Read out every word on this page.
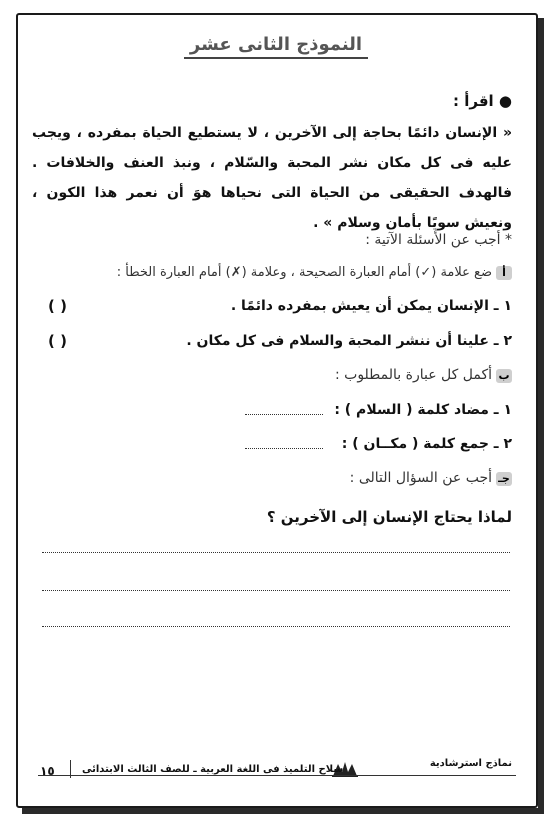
النموذج الثانى عشر
● اقرأ :
« الإنسان دائمًا بحاجة إلى الآخرين ، لا يستطيع الحياة بمفرده ، ويجب عليه فى كل مكان نشر المحبة والسّلام ، ونبذ العنف والخلافات . فالهدف الحقيقى من الحياة التى نحياها هوَ أن نعمر هذا الكون ، ونعيش سويًا بأمان وسلام » .
* أجب عن الأسئلة الآتية :
أضع علامة (✓) أمام العبارة الصحيحة ، وعلامة (✗) أمام العبارة الخطأ :
١ ـ الإنسان يمكن أن يعيش بمفرده دائمًا .
( )
٢ ـ علينا أن ننشر المحبة والسلام فى كل مكان .
( )
بأكمل كل عبارة بالمطلوب :
١ ـ مضاد كلمة ( السلام ) :
٢ ـ جمع كلمة ( مكــان ) :
جـأجب عن السؤال التالى :
لماذا يحتاج الإنسان إلى الآخرين ؟
نماذج استرشادية
سلاح التلميذ فى اللغة العربية ـ للصف الثالث الابتدائى
١٥
